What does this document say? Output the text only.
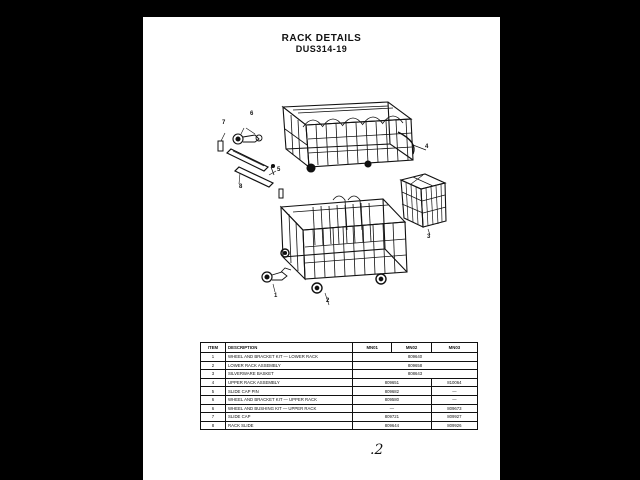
RACK DETAILS
DUS314-19
4
6
7
5
8
3
1
2
ITEM	DESCRIPTION	MN01	MN02	MN03
1	WHEEL AND BRACKET KIT — LOWER RACK	809640		
2	LOWER RACK ASSEMBLY	809658		
3	SILVERWARE BASKET	808643		
4	UPPER RACK ASSEMBLY	809651		810064
5	SLIDE CAP PIN	809682		—
6	WHEEL AND BRACKET KIT — UPPER RACK	809580		—
6	WHEEL AND BUSHING KIT — UPPER RACK	—		809673
7	SLIDE CAP	809721		809927
8	RACK SLIDE	809644		809926
.2
